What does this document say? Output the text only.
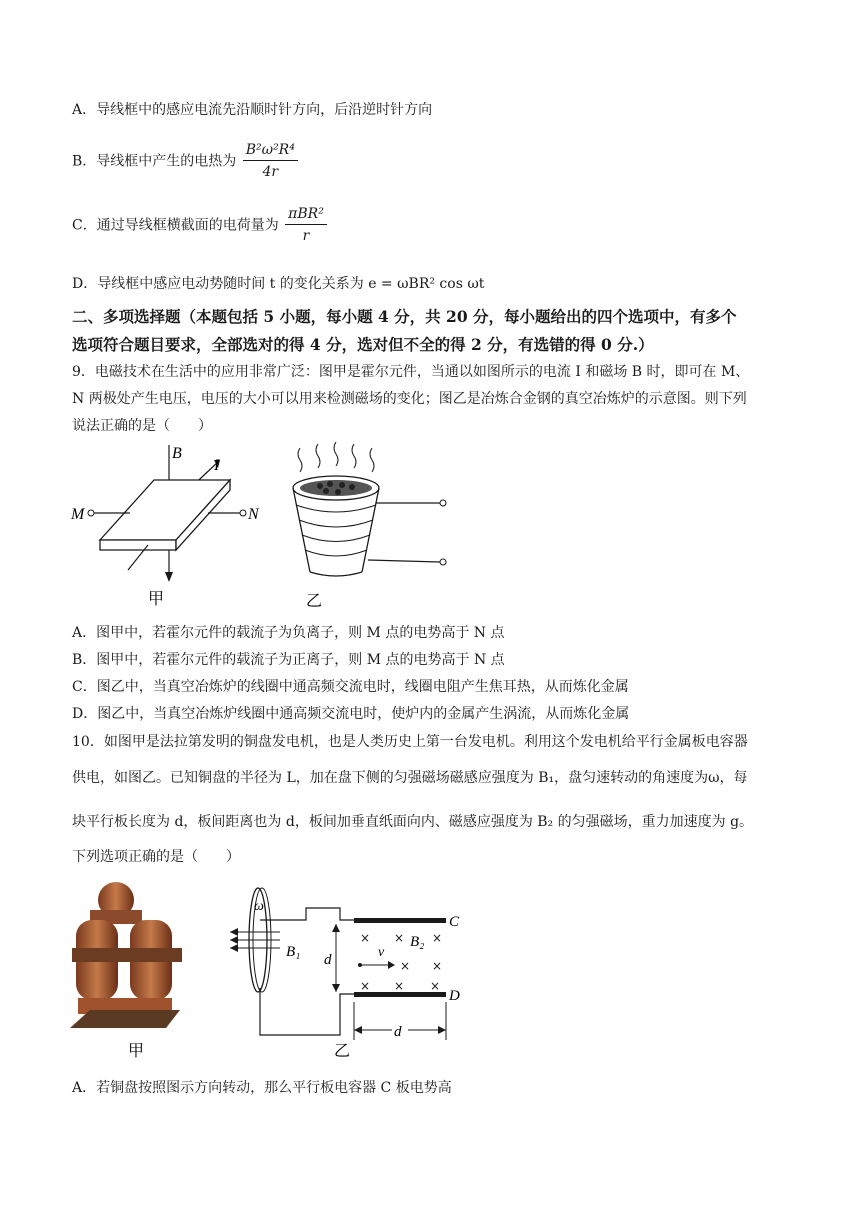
A．导线框中的感应电流先沿顺时针方向，后沿逆时针方向
B．导线框中产生的电热为 $\frac{\text{B²ω²R⁴}}{4r}$
C．通过导线框横截面的电荷量为 $\frac{\text{πBR²}}{r}$
D．导线框中感应电动势随时间 t 的变化关系为 e = ωBR² cos ωt
二、多项选择题（本题包括 5 小题，每小题 4 分，共 20 分，每小题给出的四个选项中，有多个
选项符合题目要求，全部选对的得 4 分，选对但不全的得 2 分，有选错的得 0 分.）
9．电磁技术在生活中的应用非常广泛：图甲是霍尔元件，当通以如图所示的电流 I 和磁场 B 时，即可在 M、
N 两极处产生电压，电压的大小可以用来检测磁场的变化；图乙是冶炼合金钢的真空冶炼炉的示意图。则下列
说法正确的是（　　）
B
I
M	N
甲	乙
A．图甲中，若霍尔元件的载流子为负离子，则 M 点的电势高于 N 点
B．图甲中，若霍尔元件的载流子为正离子，则 M 点的电势高于 N 点
C．图乙中，当真空冶炼炉的线圈中通高频交流电时，线圈电阻产生焦耳热，从而炼化金属
D．图乙中，当真空冶炼炉线圈中通高频交流电时，使炉内的金属产生涡流，从而炼化金属
10．如图甲是法拉第发明的铜盘发电机，也是人类历史上第一台发电机。利用这个发电机给平行金属板电容器
供电，如图乙。已知铜盘的半径为 L，加在盘下侧的匀强磁场磁感应强度为 B₁，盘匀速转动的角速度为ω，每
块平行板长度为 d，板间距离也为 d，板间加垂直纸面向内、磁感应强度为 B₂ 的匀强磁场，重力加速度为 g。
下列选项正确的是（　　）
甲
ω
B₁
C
D
× ×
× ×
× × ×
×
B₂
v
d
d
乙
A．若铜盘按照图示方向转动，那么平行板电容器 C 板电势高
